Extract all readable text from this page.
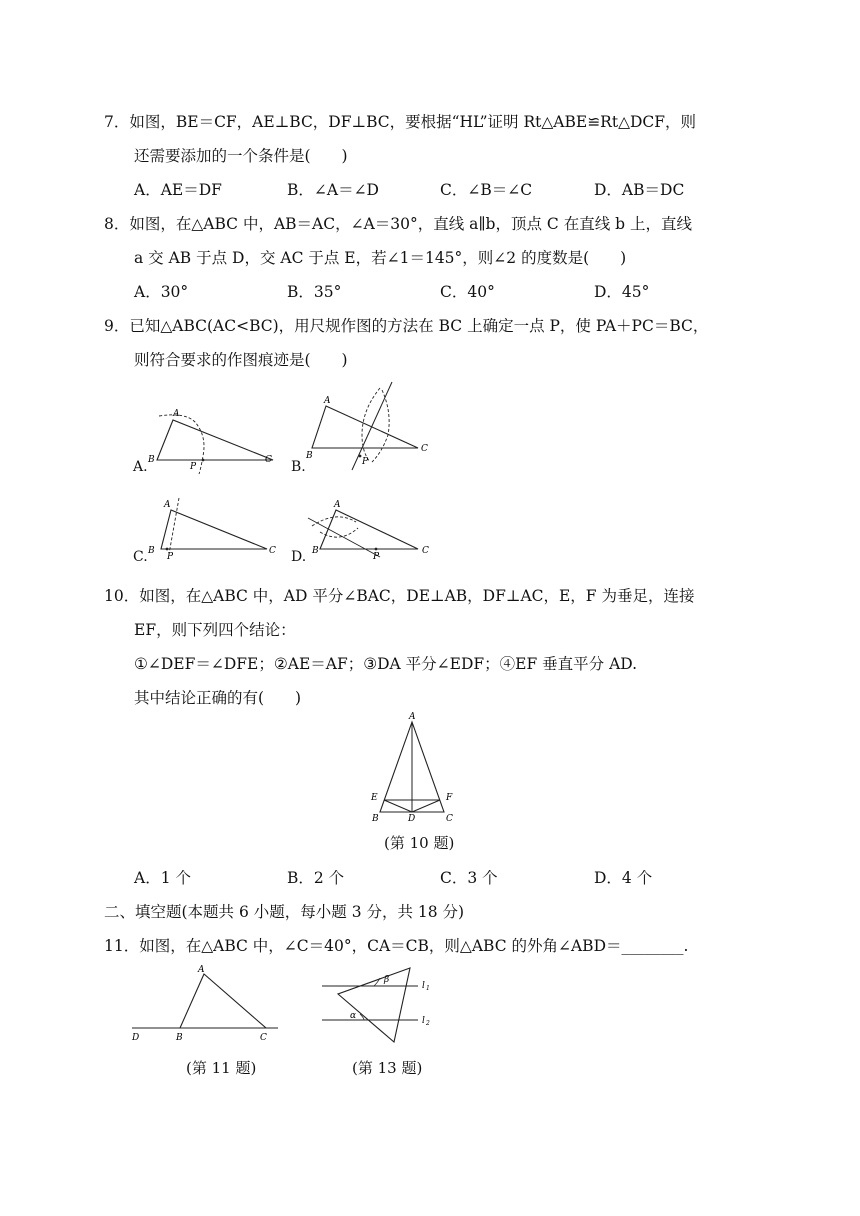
7．如图，BE＝CF，AE⊥BC，DF⊥BC，要根据“HL”证明 Rt△ABE≌Rt△DCF，则
还需要添加的一个条件是(　　)
A．AE＝DF	B．∠A＝∠D	C．∠B＝∠C	D．AB＝DC
8．如图，在△ABC 中，AB＝AC，∠A＝30°，直线 a∥b，顶点 C 在直线 b 上，直线
a 交 AB 于点 D，交 AC 于点 E，若∠1＝145°，则∠2 的度数是(　　)
A．30°	B．35°	C．40°	D．45°
9．已知△ABC(AC<BC)，用尺规作图的方法在 BC 上确定一点 P，使 PA＋PC＝BC，
则符合要求的作图痕迹是(　　)
A.
A
B	C
P	B.
A
B
C
P
C.
A
B	C
P	D.
A
B	C
P
10．如图，在△ABC 中，AD 平分∠BAC，DE⊥AB，DF⊥AC，E，F 为垂足，连接
EF，则下列四个结论：
①∠DEF＝∠DFE；②AE＝AF；③DA 平分∠EDF；④EF 垂直平分 AD.
其中结论正确的有(　　)
A
E	F
B	D	C
(第 10 题)
A．1 个	B．2 个	C．3 个	D．4 个
二、填空题(本题共 6 小题，每小题 3 分，共 18 分)
11．如图，在△ABC 中，∠C＝40°，CA＝CB，则△ABC 的外角∠ABD＝________.
A
D	B	C
(第 11 题)
β
α
l 1
l 2
(第 13 题)
